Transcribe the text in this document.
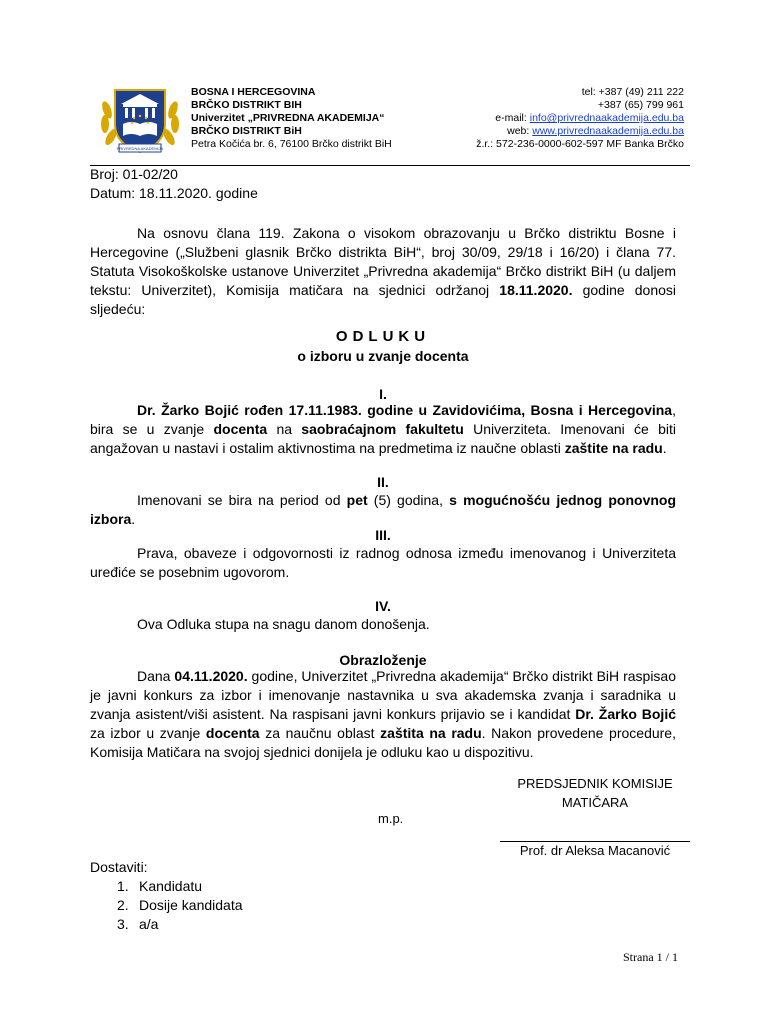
PRIVREDNA AKADEMIJA
BOSNA I HERCEGOVINA
BRČKO DISTRIKT BIH
Univerzitet „PRIVREDNA AKADEMIJA“
BRČKO DISTRIKT BiH
Petra Kočića br. 6, 76100 Brčko distrikt BiH
tel: +387 (49) 211 222
+387 (65) 799 961
e-mail: info@privrednaakademija.edu.ba
web: www.privrednaakademija.edu.ba
ž.r.: 572-236-0000-602-597 MF Banka Brčko
Broj: 01-02/20
Datum: 18.11.2020. godine
Na osnovu člana 119. Zakona o visokom obrazovanju u Brčko distriktu Bosne i Hercegovine („Službeni glasnik Brčko distrikta BiH“, broj 30/09, 29/18 i 16/20) i člana 77. Statuta Visokoškolske ustanove Univerzitet „Privredna akademija“ Brčko distrikt BiH (u daljem tekstu: Univerzitet), Komisija matičara na sjednici održanoj 18.11.2020. godine donosi sljedeću:
ODLUKU
o izboru u zvanje docenta
I.
Dr. Žarko Bojić rođen 17.11.1983. godine u Zavidovićima, Bosna i Hercegovina, bira se u zvanje docenta na saobraćajnom fakultetu Univerziteta. Imenovani će biti angažovan u nastavi i ostalim aktivnostima na predmetima iz naučne oblasti zaštite na radu.
II.
Imenovani se bira na period od pet (5) godina, s mogućnošću jednog ponovnog izbora.
III.
Prava, obaveze i odgovornosti iz radnog odnosa između imenovanog i Univerziteta uređiće se posebnim ugovorom.
IV.
Ova Odluka stupa na snagu danom donošenja.
Obrazloženje
Dana 04.11.2020. godine, Univerzitet „Privredna akademija“ Brčko distrikt BiH raspisao je javni konkurs za izbor i imenovanje nastavnika u sva akademska zvanja i saradnika u zvanja asistent/viši asistent. Na raspisani javni konkurs prijavio se i kandidat Dr. Žarko Bojić za izbor u zvanje docenta za naučnu oblast zaštita na radu. Nakon provedene procedure, Komisija Matičara na svojoj sjednici donijela je odluku kao u dispozitivu.
PREDSJEDNIK KOMISIJE
MATIČARA
m.p.
Prof. dr Aleksa Macanović
Dostaviti:
1. Kandidatu
2. Dosije kandidata
3. a/a
Strana 1 / 1
